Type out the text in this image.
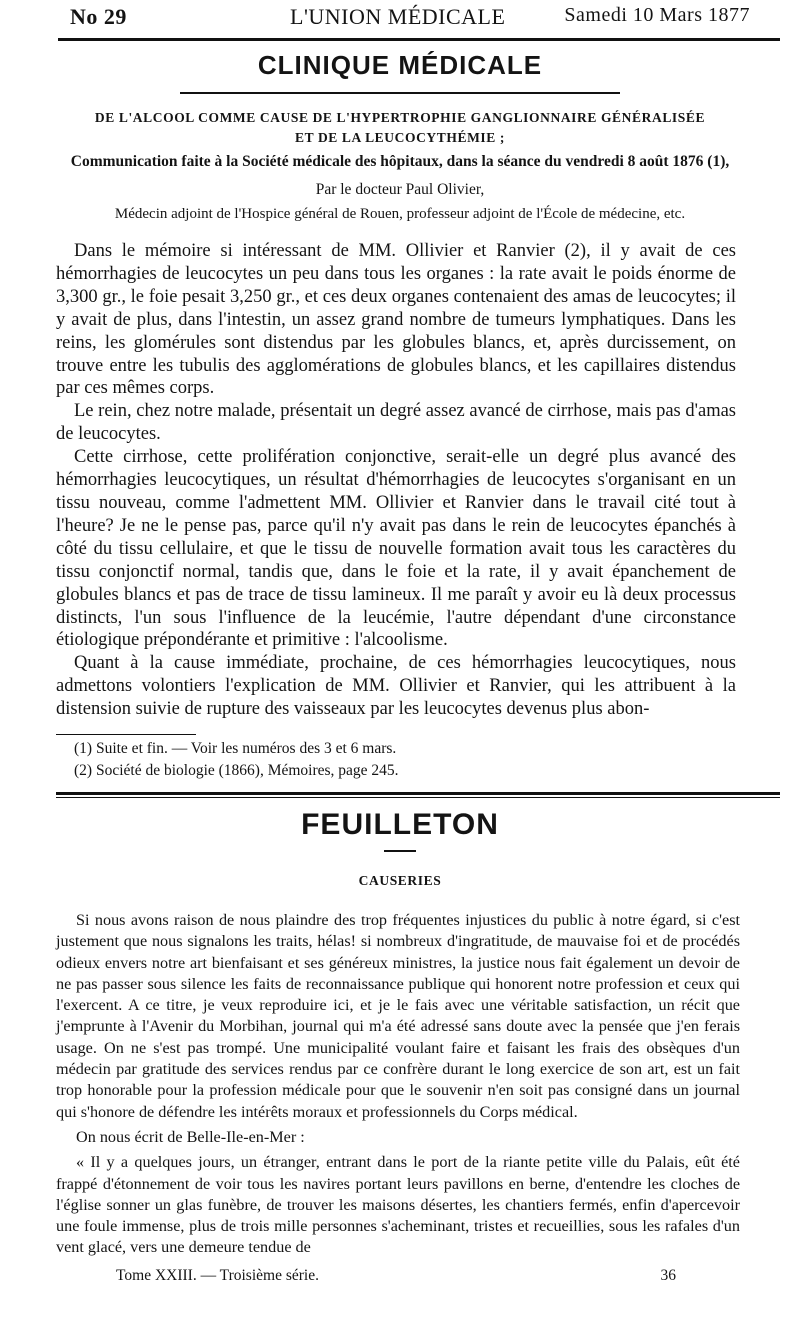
No 29	L'UNION MÉDICALE	Samedi 10 Mars 1877
CLINIQUE MÉDICALE
DE L'ALCOOL COMME CAUSE DE L'HYPERTROPHIE GANGLIONNAIRE GÉNÉRALISÉE
ET DE LA LEUCOCYTHÉMIE ;
Communication faite à la Société médicale des hôpitaux, dans la séance du vendredi 8 août 1876 (1),
Par le docteur Paul Olivier,
Médecin adjoint de l'Hospice général de Rouen, professeur adjoint de l'École de médecine, etc.

Dans le mémoire si intéressant de MM. Ollivier et Ranvier (2), il y avait de ces hémorrhagies de leucocytes un peu dans tous les organes : la rate avait le poids énorme de 3,300 gr., le foie pesait 3,250 gr., et ces deux organes contenaient des amas de leucocytes; il y avait de plus, dans l'intestin, un assez grand nombre de tumeurs lymphatiques. Dans les reins, les glomérules sont distendus par les globules blancs, et, après durcissement, on trouve entre les tubulis des agglomérations de globules blancs, et les capillaires distendus par ces mêmes corps.

Le rein, chez notre malade, présentait un degré assez avancé de cirrhose, mais pas d'amas de leucocytes.

Cette cirrhose, cette prolifération conjonctive, serait-elle un degré plus avancé des hémorrhagies leucocytiques, un résultat d'hémorrhagies de leucocytes s'organisant en un tissu nouveau, comme l'admettent MM. Ollivier et Ranvier dans le travail cité tout à l'heure? Je ne le pense pas, parce qu'il n'y avait pas dans le rein de leucocytes épanchés à côté du tissu cellulaire, et que le tissu de nouvelle formation avait tous les caractères du tissu conjonctif normal, tandis que, dans le foie et la rate, il y avait épanchement de globules blancs et pas de trace de tissu lamineux. Il me paraît y avoir eu là deux processus distincts, l'un sous l'influence de la leucémie, l'autre dépendant d'une circonstance étiologique prépondérante et primitive : l'alcoolisme.

Quant à la cause immédiate, prochaine, de ces hémorrhagies leucocytiques, nous admettons volontiers l'explication de MM. Ollivier et Ranvier, qui les attribuent à la distension suivie de rupture des vaisseaux par les leucocytes devenus plus abon-

(1) Suite et fin. — Voir les numéros des 3 et 6 mars.
(2) Société de biologie (1866), Mémoires, page 245.
FEUILLETON
CAUSERIES

Si nous avons raison de nous plaindre des trop fréquentes injustices du public à notre égard, si c'est justement que nous signalons les traits, hélas! si nombreux d'ingratitude, de mauvaise foi et de procédés odieux envers notre art bienfaisant et ses généreux ministres, la justice nous fait également un devoir de ne pas passer sous silence les faits de reconnaissance publique qui honorent notre profession et ceux qui l'exercent. A ce titre, je veux reproduire ici, et je le fais avec une véritable satisfaction, un récit que j'emprunte à l'Avenir du Morbihan, journal qui m'a été adressé sans doute avec la pensée que j'en ferais usage. On ne s'est pas trompé. Une municipalité voulant faire et faisant les frais des obsèques d'un médecin par gratitude des services rendus par ce confrère durant le long exercice de son art, est un fait trop honorable pour la profession médicale pour que le souvenir n'en soit pas consigné dans un journal qui s'honore de défendre les intérêts moraux et professionnels du Corps médical.

On nous écrit de Belle-Ile-en-Mer :

« Il y a quelques jours, un étranger, entrant dans le port de la riante petite ville du Palais, eût été frappé d'étonnement de voir tous les navires portant leurs pavillons en berne, d'entendre les cloches de l'église sonner un glas funèbre, de trouver les maisons désertes, les chantiers fermés, enfin d'apercevoir une foule immense, plus de trois mille personnes s'acheminant, tristes et recueillies, sous les rafales d'un vent glacé, vers une demeure tendue de

Tome XXIII. — Troisième série.	36
